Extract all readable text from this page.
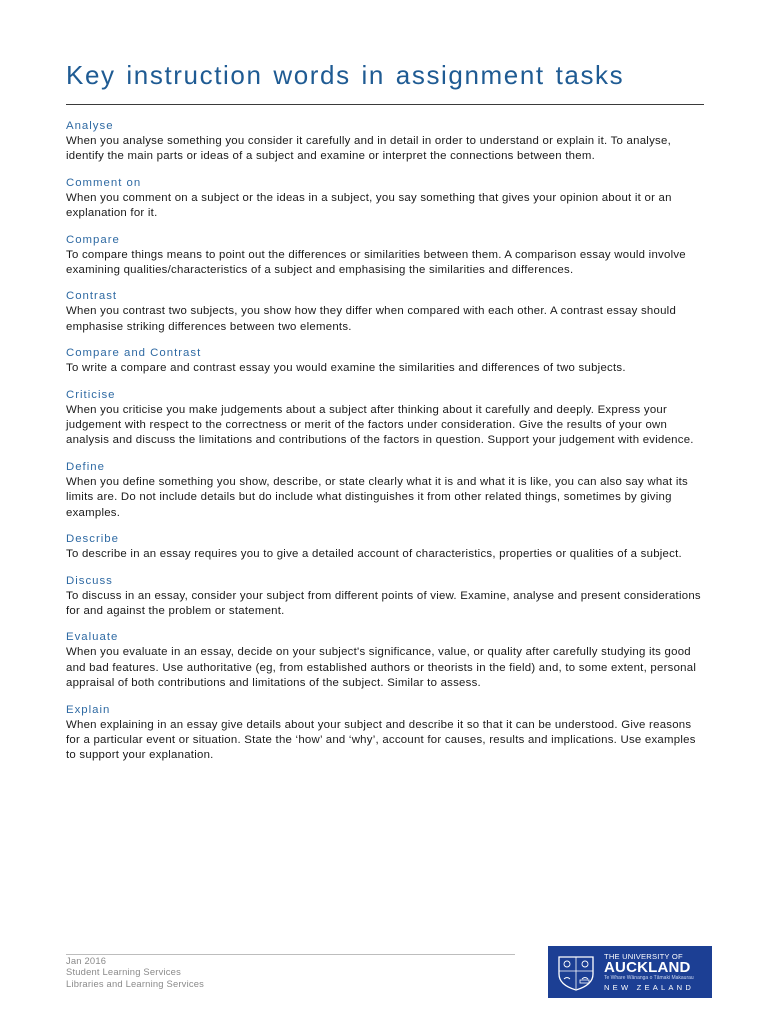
Key instruction words in assignment tasks

Analyse

When you analyse something you consider it carefully and in detail in order to understand or explain it. To analyse, identify the main parts or ideas of a subject and examine or interpret the connections between them.

Comment on

When you comment on a subject or the ideas in a subject, you say something that gives your opinion about it or an explanation for it.

Compare

To compare things means to point out the differences or similarities between them. A comparison essay would involve examining qualities/characteristics of a subject and emphasising the similarities and differences.

Contrast

When you contrast two subjects, you show how they differ when compared with each other. A contrast essay should emphasise striking differences between two elements.

Compare and Contrast

To write a compare and contrast essay you would examine the similarities and differences of two subjects.

Criticise

When you criticise you make judgements about a subject after thinking about it carefully and deeply. Express your judgement with respect to the correctness or merit of the factors under consideration. Give the results of your own analysis and discuss the limitations and contributions of the factors in question. Support your judgement with evidence.

Define

When you define something you show, describe, or state clearly what it is and what it is like, you can also say what its limits are. Do not include details but do include what distinguishes it from other related things, sometimes by giving examples.

Describe

To describe in an essay requires you to give a detailed account of characteristics, properties or qualities of a subject.

Discuss

To discuss in an essay, consider your subject from different points of view. Examine, analyse and present considerations for and against the problem or statement.

Evaluate

When you evaluate in an essay, decide on your subject's significance, value, or quality after carefully studying its good and bad features. Use authoritative (eg, from established authors or theorists in the field) and, to some extent, personal appraisal of both contributions and limitations of the subject. Similar to assess.

Explain

When explaining in an essay give details about your subject and describe it so that it can be understood. Give reasons for a particular event or situation. State the ‘how’ and ‘why’, account for causes, results and implications. Use examples to support your explanation.

Jan 2016
Student Learning Services
Libraries and Learning Services
THE UNIVERSITY OF
AUCKLAND
Te Whare Wānanga o Tāmaki Makaurau
NEW ZEALAND
